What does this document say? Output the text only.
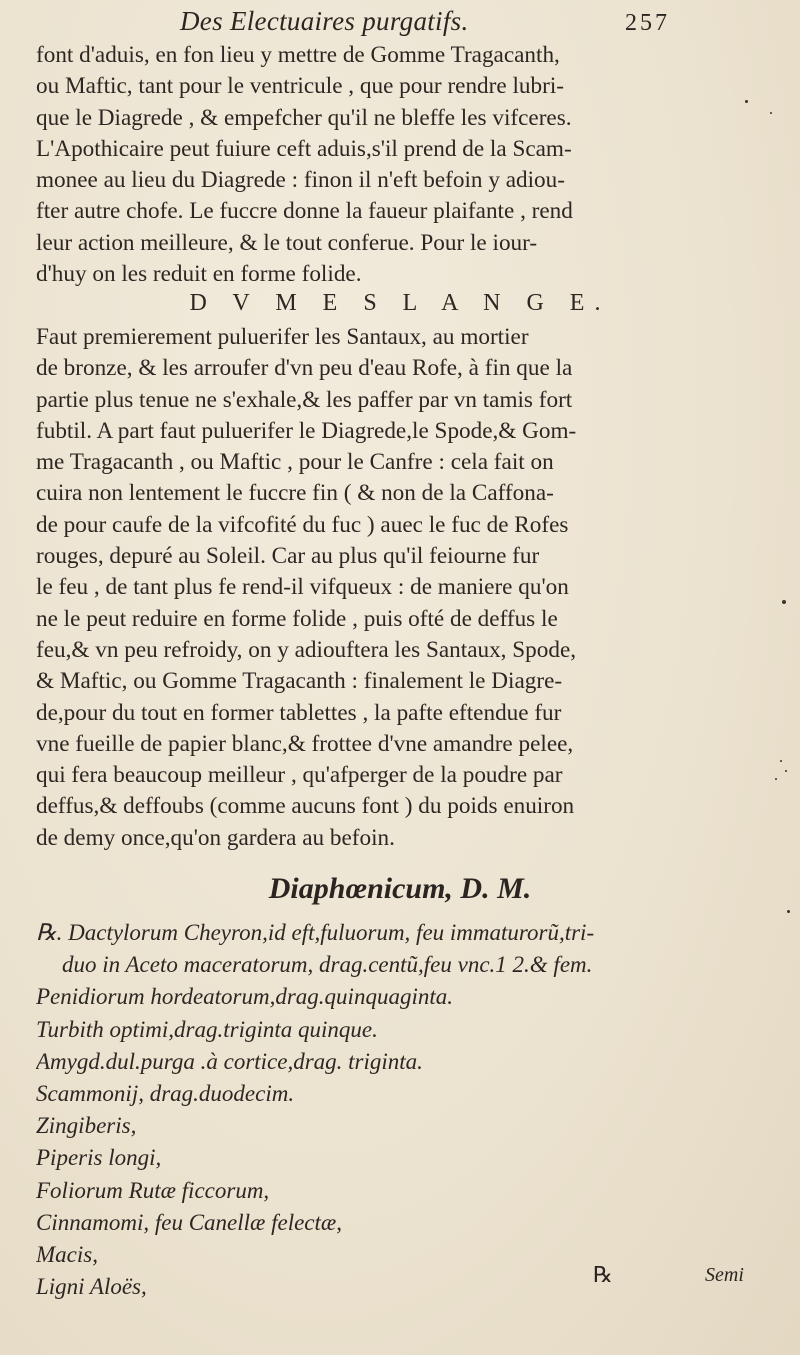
Des Electuaires purgatifs.	257
font d'aduis, en fon lieu y mettre de Gomme Tragacanth,
ou Maftic, tant pour le ventricule , que pour rendre lubri-
que le Diagrede , & empefcher qu'il ne bleffe les vifceres.
L'Apothicaire peut fuiure ceft aduis,s'il prend de la Scam-
monee au lieu du Diagrede : finon il n'eft befoin y adiou-
fter autre chofe. Le fuccre donne la faueur plaifante , rend
leur action meilleure, & le tout conferue. Pour le iour-
d'huy on les reduit en forme folide.
D V M E S L A N G E.
Faut premierement puluerifer les Santaux, au mortier
de bronze, & les arroufer d'vn peu d'eau Rofe, à fin que la
partie plus tenue ne s'exhale,& les paffer par vn tamis fort
fubtil. A part faut puluerifer le Diagrede,le Spode,& Gom-
me Tragacanth , ou Maftic , pour le Canfre : cela fait on
cuira non lentement le fuccre fin ( & non de la Caffona-
de pour caufe de la vifcofité du fuc ) auec le fuc de Rofes
rouges, depuré au Soleil. Car au plus qu'il feiourne fur
le feu , de tant plus fe rend-il vifqueux : de maniere qu'on
ne le peut reduire en forme folide , puis ofté de deffus le
feu,& vn peu refroidy, on y adiouftera les Santaux, Spode,
& Maftic, ou Gomme Tragacanth : finalement le Diagre-
de,pour du tout en former tablettes , la pafte eftendue fur
vne fueille de papier blanc,& frottee d'vne amandre pelee,
qui fera beaucoup meilleur , qu'afperger de la poudre par
deffus,& deffoubs (comme aucuns font ) du poids enuiron
de demy once,qu'on gardera au befoin.
Diaphœnicum, D. M.
℞. Dactylorum Cheyron,id eft,fuluorum, feu immaturorũ,tri-
duo in Aceto maceratorum, drag.centũ,feu vnc.1 2.& fem.
Penidiorum hordeatorum,drag.quinquaginta.
Turbith optimi,drag.triginta quinque.
Amygd.dul.purga .à cortice,drag. triginta.
Scammonij, drag.duodecim.
Zingiberis,
Piperis longi,
Foliorum Rutæ ficcorum,
Cinnamomi, feu Canellæ felectæ,
Macis,
Ligni Aloës,	℞	Semi
